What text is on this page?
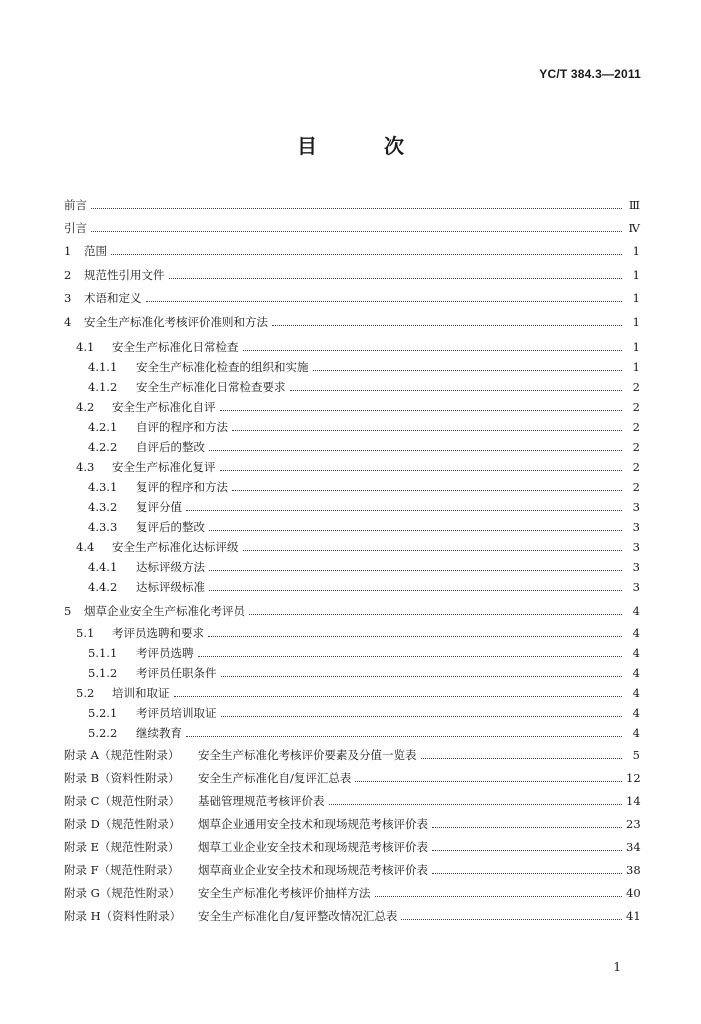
YC/T 384.3—2011
目 次
前言	Ⅲ
引言	Ⅳ
1	范围	1
2	规范性引用文件	1
3	术语和定义	1
4	安全生产标准化考核评价准则和方法	1
4.1	安全生产标准化日常检查	1
4.1.1	安全生产标准化检查的组织和实施	1
4.1.2	安全生产标准化日常检查要求	2
4.2	安全生产标准化自评	2
4.2.1	自评的程序和方法	2
4.2.2	自评后的整改	2
4.3	安全生产标准化复评	2
4.3.1	复评的程序和方法	2
4.3.2	复评分值	3
4.3.3	复评后的整改	3
4.4	安全生产标准化达标评级	3
4.4.1	达标评级方法	3
4.4.2	达标评级标准	3
5	烟草企业安全生产标准化考评员	4
5.1	考评员选聘和要求	4
5.1.1	考评员选聘	4
5.1.2	考评员任职条件	4
5.2	培训和取证	4
5.2.1	考评员培训取证	4
5.2.2	继续教育	4
附录 A（规范性附录）	安全生产标准化考核评价要素及分值一览表	5
附录 B（资料性附录）	安全生产标准化自/复评汇总表	12
附录 C（规范性附录）	基础管理规范考核评价表	14
附录 D（规范性附录）	烟草企业通用安全技术和现场规范考核评价表	23
附录 E（规范性附录）	烟草工业企业安全技术和现场规范考核评价表	34
附录 F（规范性附录）	烟草商业企业安全技术和现场规范考核评价表	38
附录 G（规范性附录）	安全生产标准化考核评价抽样方法	40
附录 H（资料性附录）	安全生产标准化自/复评整改情况汇总表	41
1
